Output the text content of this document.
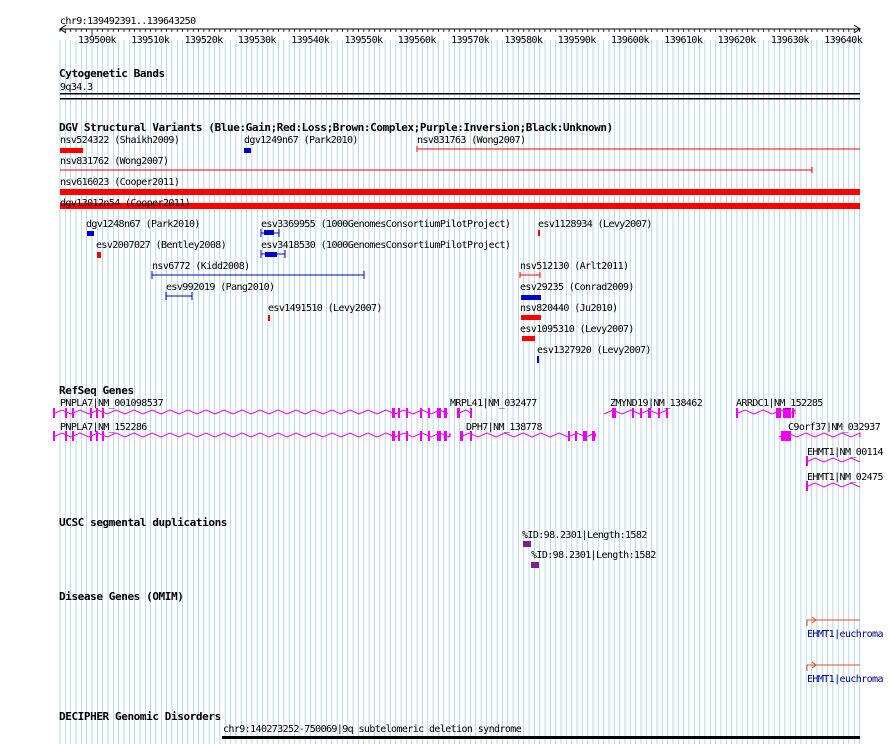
chr9:139492391..139643250
139500k 139510k 139520k 139530k 139540k 139550k 139560k 139570k 139580k 139590k 139600k 139610k 139620k 139630k 139640k
Cytogenetic Bands
9q34.3
DGV Structural Variants (Blue:Gain;Red:Loss;Brown:Complex;Purple:Inversion;Black:Unknown)
nsv524322 (Shaikh2009)	dgv1249n67 (Park2010)	nsv831763 (Wong2007)
nsv831762 (Wong2007)
nsv616023 (Cooper2011)
dgv13012n54 (Cooper2011)
dgv1248n67 (Park2010)	esv3369955 (1000GenomesConsortiumPilotProject)	esv1128934 (Levy2007)
esv2007027 (Bentley2008)	esv3418530 (1000GenomesConsortiumPilotProject)
nsv6772 (Kidd2008)	nsv512130 (Arlt2011)
esv992019 (Pang2010)	esv29235 (Conrad2009)
esv1491510 (Levy2007)	nsv820440 (Ju2010)
esv1095310 (Levy2007)
esv1327920 (Levy2007)
RefSeq Genes
PNPLA7|NM_001098537	MRPL41|NM_032477	ZMYND19|NM_138462	ARRDC1|NM_152285
PNPLA7|NM_152286	DPH7|NM_138778	C9orf37|NM_032937
EHMT1|NM_00114
EHMT1|NM_02475
UCSC segmental duplications
%ID:98.2301|Length:1582
%ID:98.2301|Length:1582
Disease Genes (OMIM)
EHMT1|euchroma
EHMT1|euchroma
DECIPHER Genomic Disorders
chr9:140273252-750069|9q subtelomeric deletion syndrome
